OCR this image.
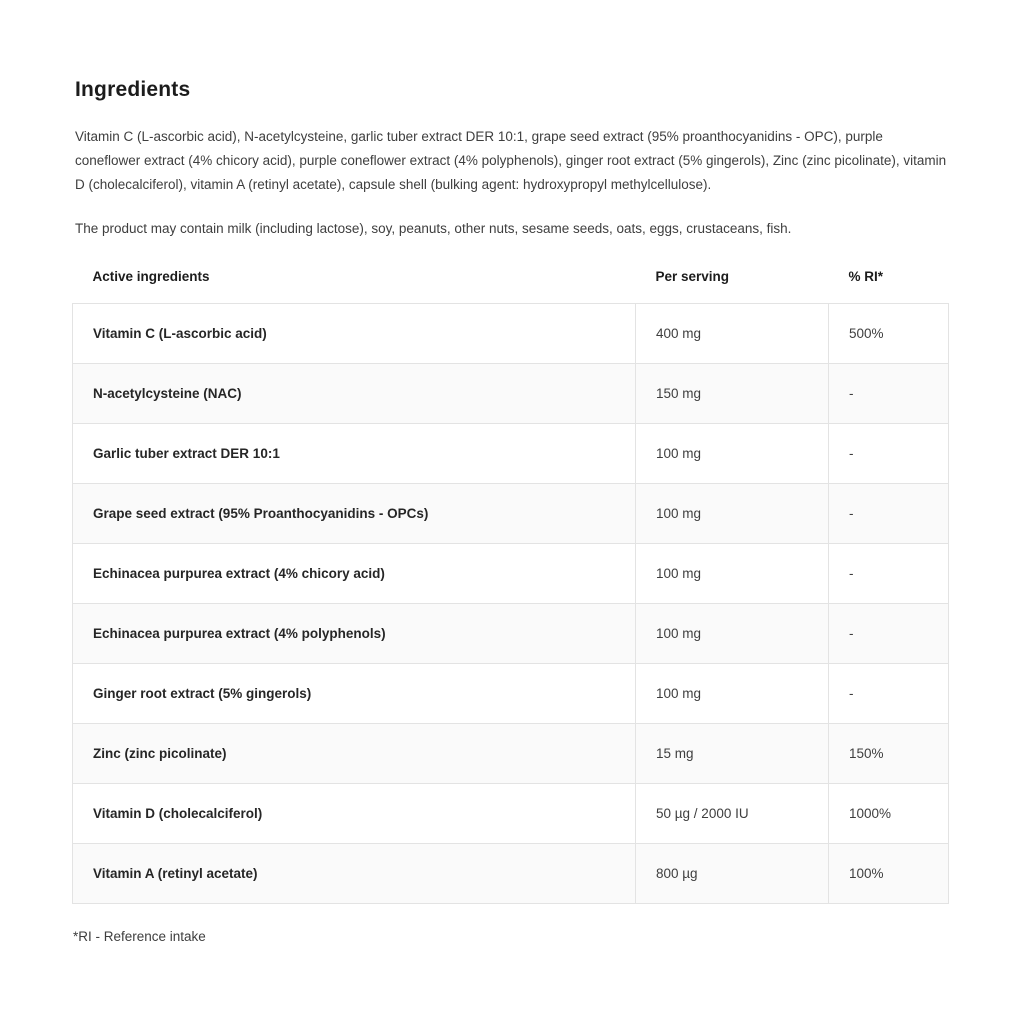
Ingredients

Vitamin C (L-ascorbic acid), N-acetylcysteine, garlic tuber extract DER 10:1, grape seed extract (95% proanthocyanidins - OPC), purple coneflower extract (4% chicory acid), purple coneflower extract (4% polyphenols), ginger root extract (5% gingerols), Zinc (zinc picolinate), vitamin D (cholecalciferol), vitamin A (retinyl acetate), capsule shell (bulking agent: hydroxypropyl methylcellulose).

The product may contain milk (including lactose), soy, peanuts, other nuts, sesame seeds, oats, eggs, crustaceans, fish.

Active ingredients	Per serving	% RI*
Vitamin C (L-ascorbic acid)	400 mg	500%
N-acetylcysteine (NAC)	150 mg	-
Garlic tuber extract DER 10:1	100 mg	-
Grape seed extract (95% Proanthocyanidins - OPCs)	100 mg	-
Echinacea purpurea extract (4% chicory acid)	100 mg	-
Echinacea purpurea extract (4% polyphenols)	100 mg	-
Ginger root extract (5% gingerols)	100 mg	-
Zinc (zinc picolinate)	15 mg	150%
Vitamin D (cholecalciferol)	50 µg / 2000 IU	1000%
Vitamin A (retinyl acetate)	800 µg	100%

*RI - Reference intake
